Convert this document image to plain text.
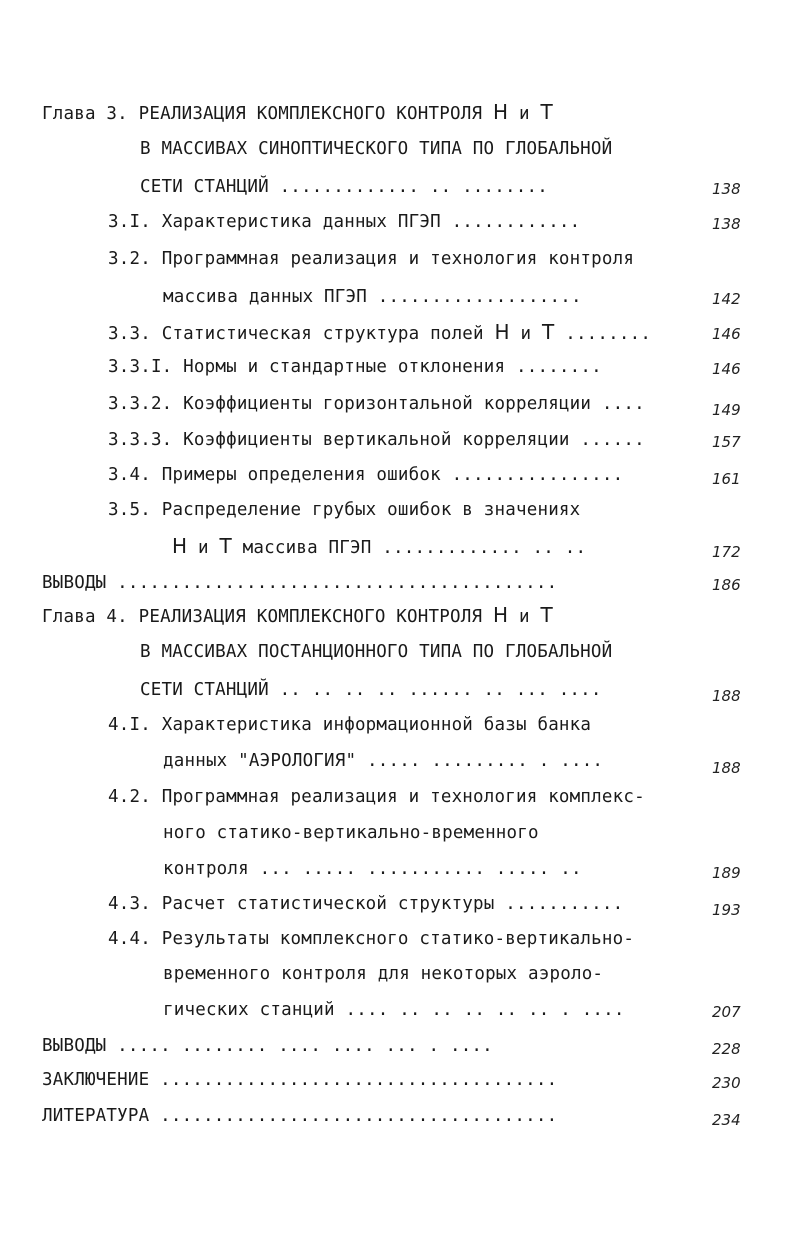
Глава 3. РЕАЛИЗАЦИЯ КОМПЛЕКСНОГО КОНТРОЛЯ Н и Т
В МАССИВАХ СИНОПТИЧЕСКОГО ТИПА ПО ГЛОБАЛЬНОЙ
СЕТИ СТАНЦИЙ ............. .. ........	138
3.I. Характеристика данных ПГЭП ............	138
3.2. Программная реализация и технология контроля
массива данных ПГЭП ...................	142
3.3. Статистическая структура полей Н и Т ........	146
3.3.I. Нормы и стандартные отклонения ........	146
3.3.2. Коэффициенты горизонтальной корреляции ....	149
3.3.3. Коэффициенты вертикальной корреляции ......	157
3.4. Примеры определения ошибок ................	161
3.5. Распределение грубых ошибок в значениях
Н и Т массива ПГЭП ............. .. ..	172
ВЫВОДЫ .........................................	186
Глава 4. РЕАЛИЗАЦИЯ КОМПЛЕКСНОГО КОНТРОЛЯ Н и Т
В МАССИВАХ ПОСТАНЦИОННОГО ТИПА ПО ГЛОБАЛЬНОЙ
СЕТИ СТАНЦИЙ .. .. .. .. ...... .. ... ....	188
4.I. Характеристика информационной базы банка
данных "АЭРОЛОГИЯ" ..... ......... . ....	188
4.2. Программная реализация и технология комплекс-
ного статико-вертикально-временного
контроля ... ..... ........... ..... ..	189
4.3. Расчет статистической структуры ...........	193
4.4. Результаты комплексного статико-вертикально-
временного контроля для некоторых аэроло-
гических станций .... .. .. .. .. .. . ....	207
ВЫВОДЫ ..... ........ .... .... ... . ....	228
ЗАКЛЮЧЕНИЕ .....................................	230
ЛИТЕРАТУРА .....................................	234
